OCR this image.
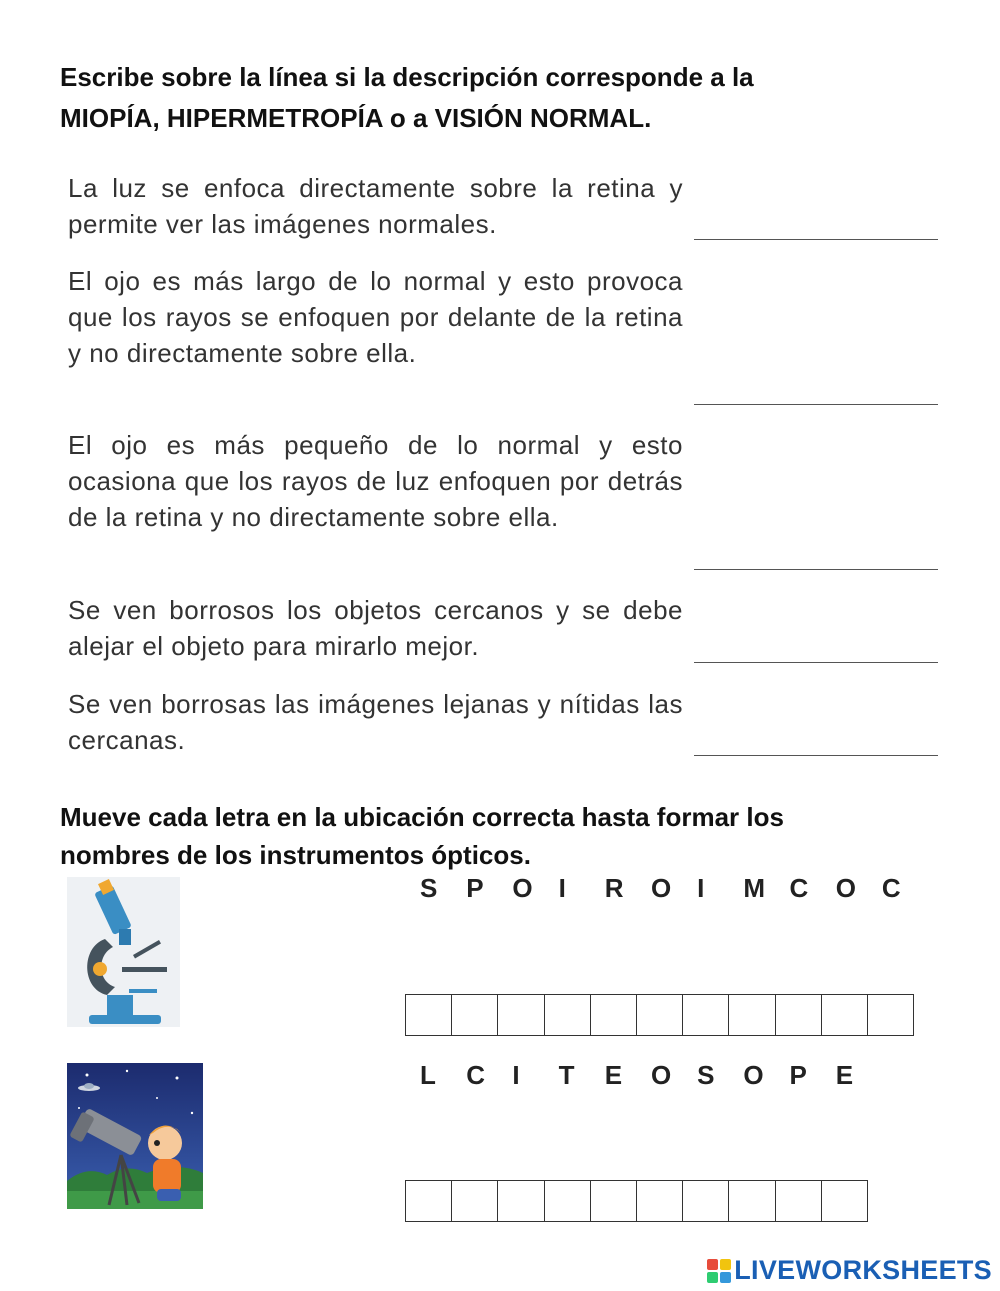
Escribe sobre la línea si la descripción corresponde a la
MIOPÍA, HIPERMETROPÍA o a VISIÓN NORMAL.
La luz se enfoca directamente sobre la retina y permite ver las imágenes normales.
El ojo es más largo de lo normal y esto provoca que los rayos se enfoquen por delante de la retina y no directamente sobre ella.
El ojo es más pequeño de lo normal y esto ocasiona que los rayos de luz enfoquen por detrás de la retina y no directamente sobre ella.
Se ven borrosos los objetos cercanos y se debe alejar el objeto para mirarlo mejor.
Se ven borrosas las imágenes lejanas y nítidas las cercanas.
Mueve cada letra en la ubicación correcta hasta formar los
nombres de los instrumentos ópticos.
S	P	O I	R	O I	M C	O C
L	C	I	T	E	O S	O P	E
LIVEWORKSHEETS
